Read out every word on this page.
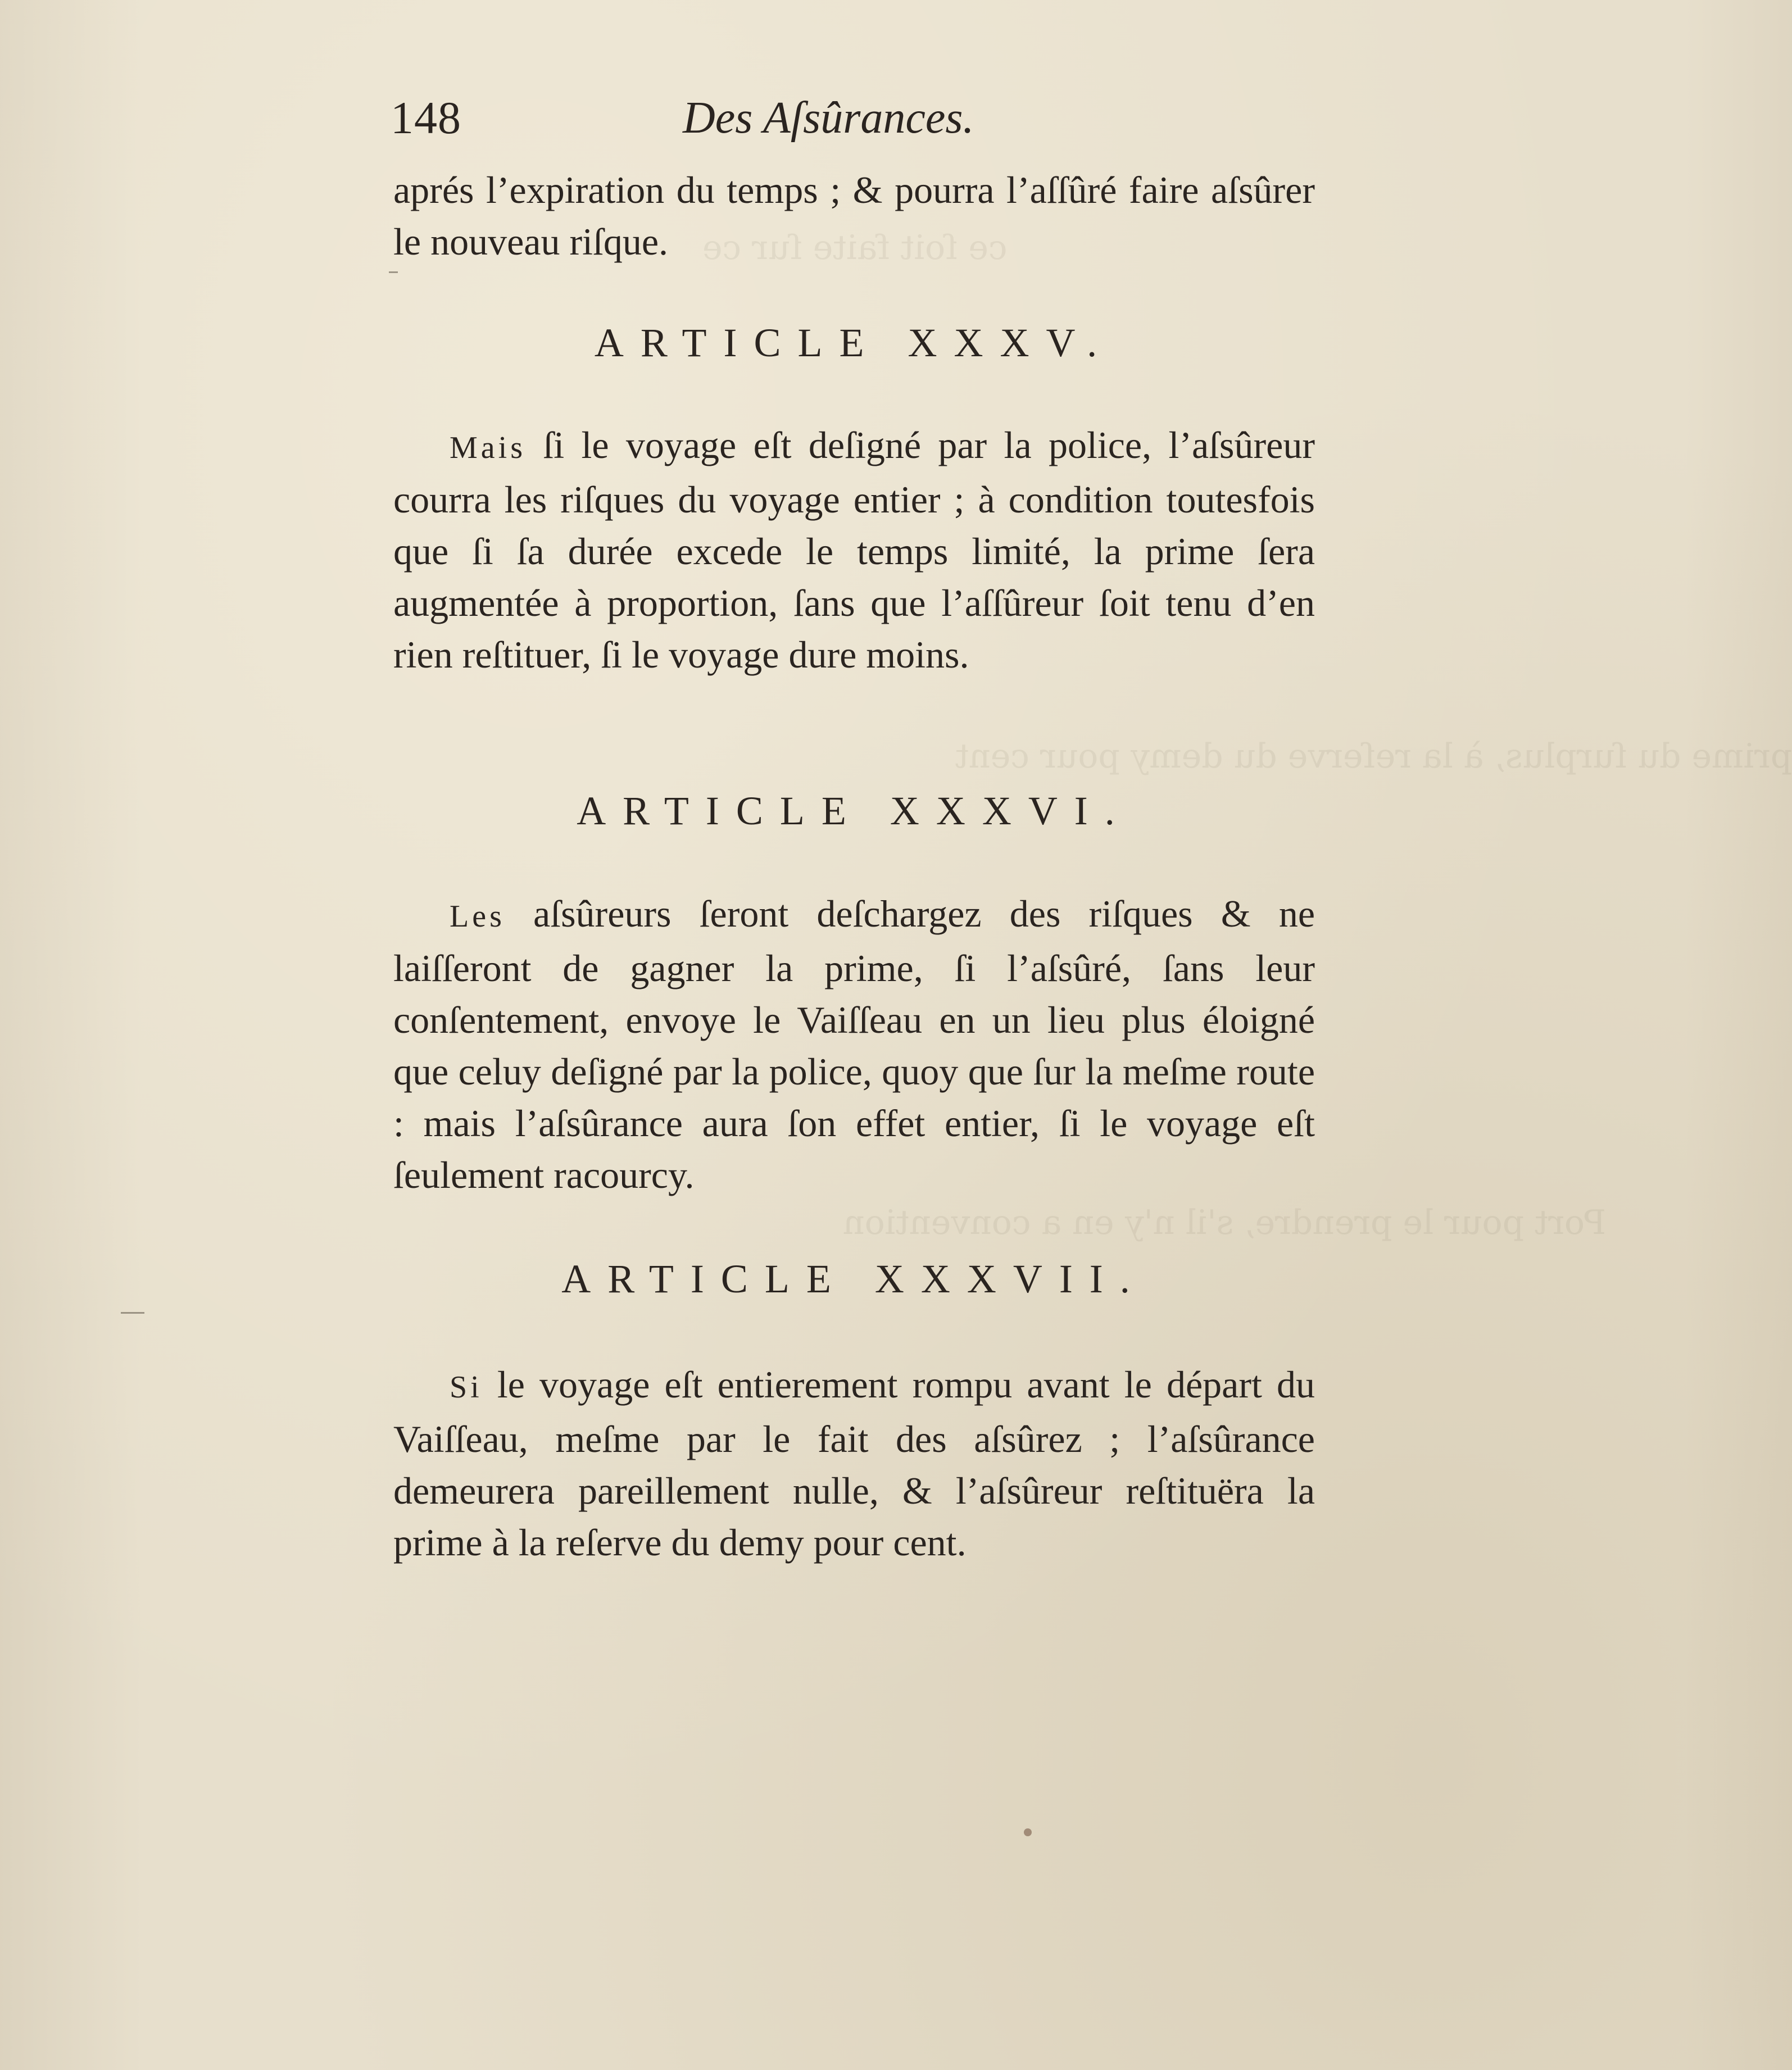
ce ſoit faite ſur ce
prime du ſurplus, à la reſerve du demy pour cent
Port pour le prendre, s'il n'y en a convention
148	Des Aſsûrances.

aprés l’expiration du temps ; & pourra l’aſſûré faire aſsûrer le nouveau riſque.

ARTICLE XXXV.

Mais ſi le voyage eſt deſigné par la police, l’aſsûreur courra les riſques du voyage entier ; à condition toutesfois que ſi ſa durée excede le temps limité, la prime ſera augmentée à proportion, ſans que l’aſſûreur ſoit tenu d’en rien reſtituer, ſi le voyage dure moins.

ARTICLE XXXVI.

Les aſsûreurs ſeront deſchargez des riſques & ne laiſſeront de gagner la prime, ſi l’aſsûré, ſans leur conſentement, envoye le Vaiſſeau en un lieu plus éloigné que celuy deſigné par la police, quoy que ſur la meſme route : mais l’aſsûrance aura ſon effet entier, ſi le voyage eſt ſeulement racourcy.

ARTICLE XXXVII.

Si le voyage eſt entierement rompu avant le départ du Vaiſſeau, meſme par le fait des aſsûrez ; l’aſsûrance demeurera pareillement nulle, & l’aſsûreur reſtituëra la prime à la reſerve du demy pour cent.
